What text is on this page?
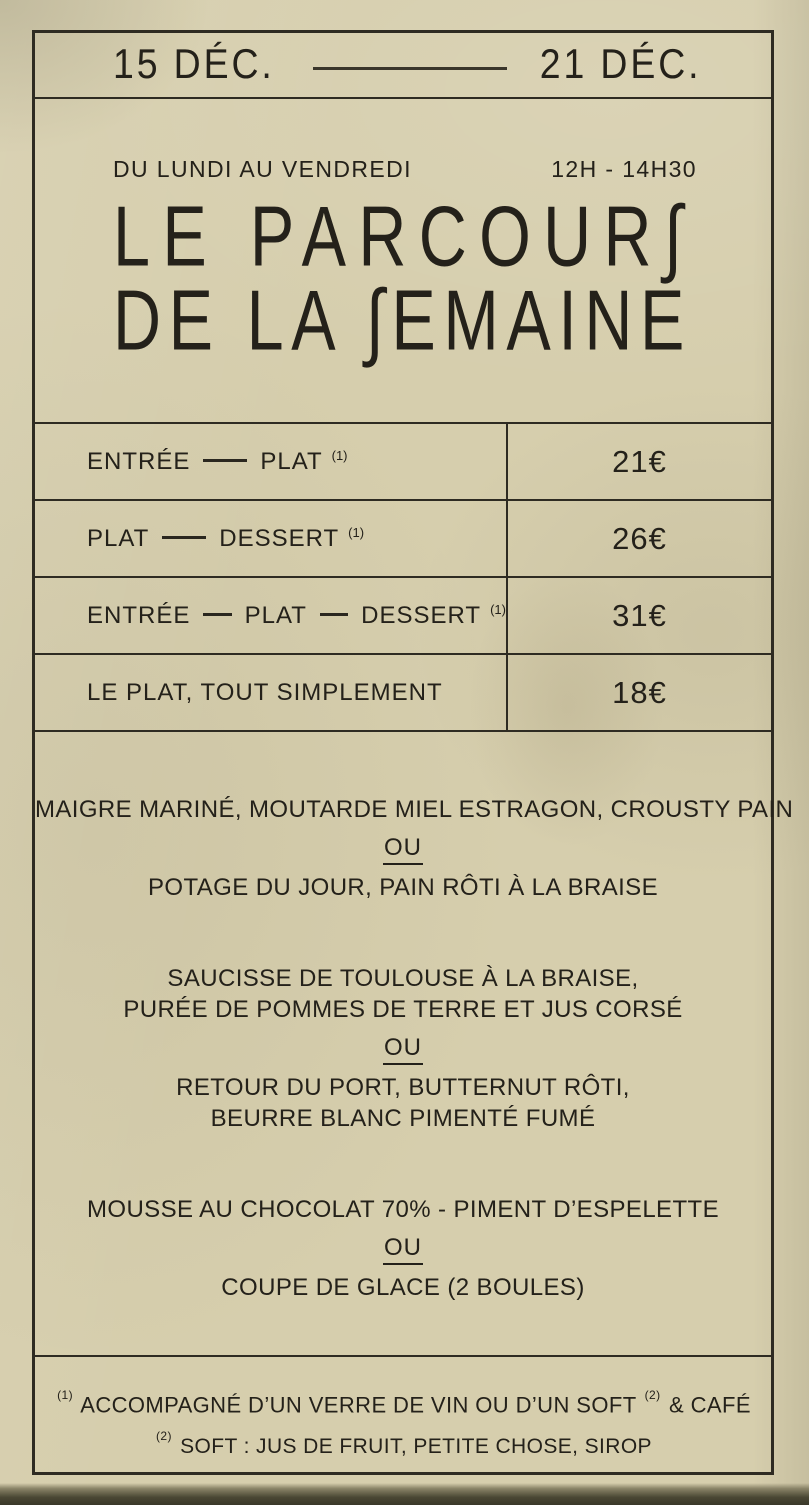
15 DÉC.	21 DÉC.
DU LUNDI AU VENDREDI	12H - 14H30
LE PARCOUR∫
DE LA ∫EMAINE
ENTRÉE	PLAT $^{(1)}$	21€
PLAT	DESSERT $^{(1)}$	26€
ENTRÉE PLAT DESSERT $^{(1)}$	31€
LE PLAT, TOUT SIMPLEMENT	18€
MAIGRE MARINÉ, MOUTARDE MIEL ESTRAGON, CROUSTY PAIN
OU
POTAGE DU JOUR, PAIN RÔTI À LA BRAISE
SAUCISSE DE TOULOUSE À LA BRAISE,
PURÉE DE POMMES DE TERRE ET JUS CORSÉ
OU
RETOUR DU PORT, BUTTERNUT RÔTI,
BEURRE BLANC PIMENTÉ FUMÉ
MOUSSE AU CHOCOLAT 70% - PIMENT D’ESPELETTE
OU
COUPE DE GLACE (2 BOULES)
$^{(1)}$ ACCOMPAGNÉ D’UN VERRE DE VIN OU D’UN SOFT $^{(2)}$ & CAFÉ
$^{(2)}$ SOFT : JUS DE FRUIT, PETITE CHOSE, SIROP
